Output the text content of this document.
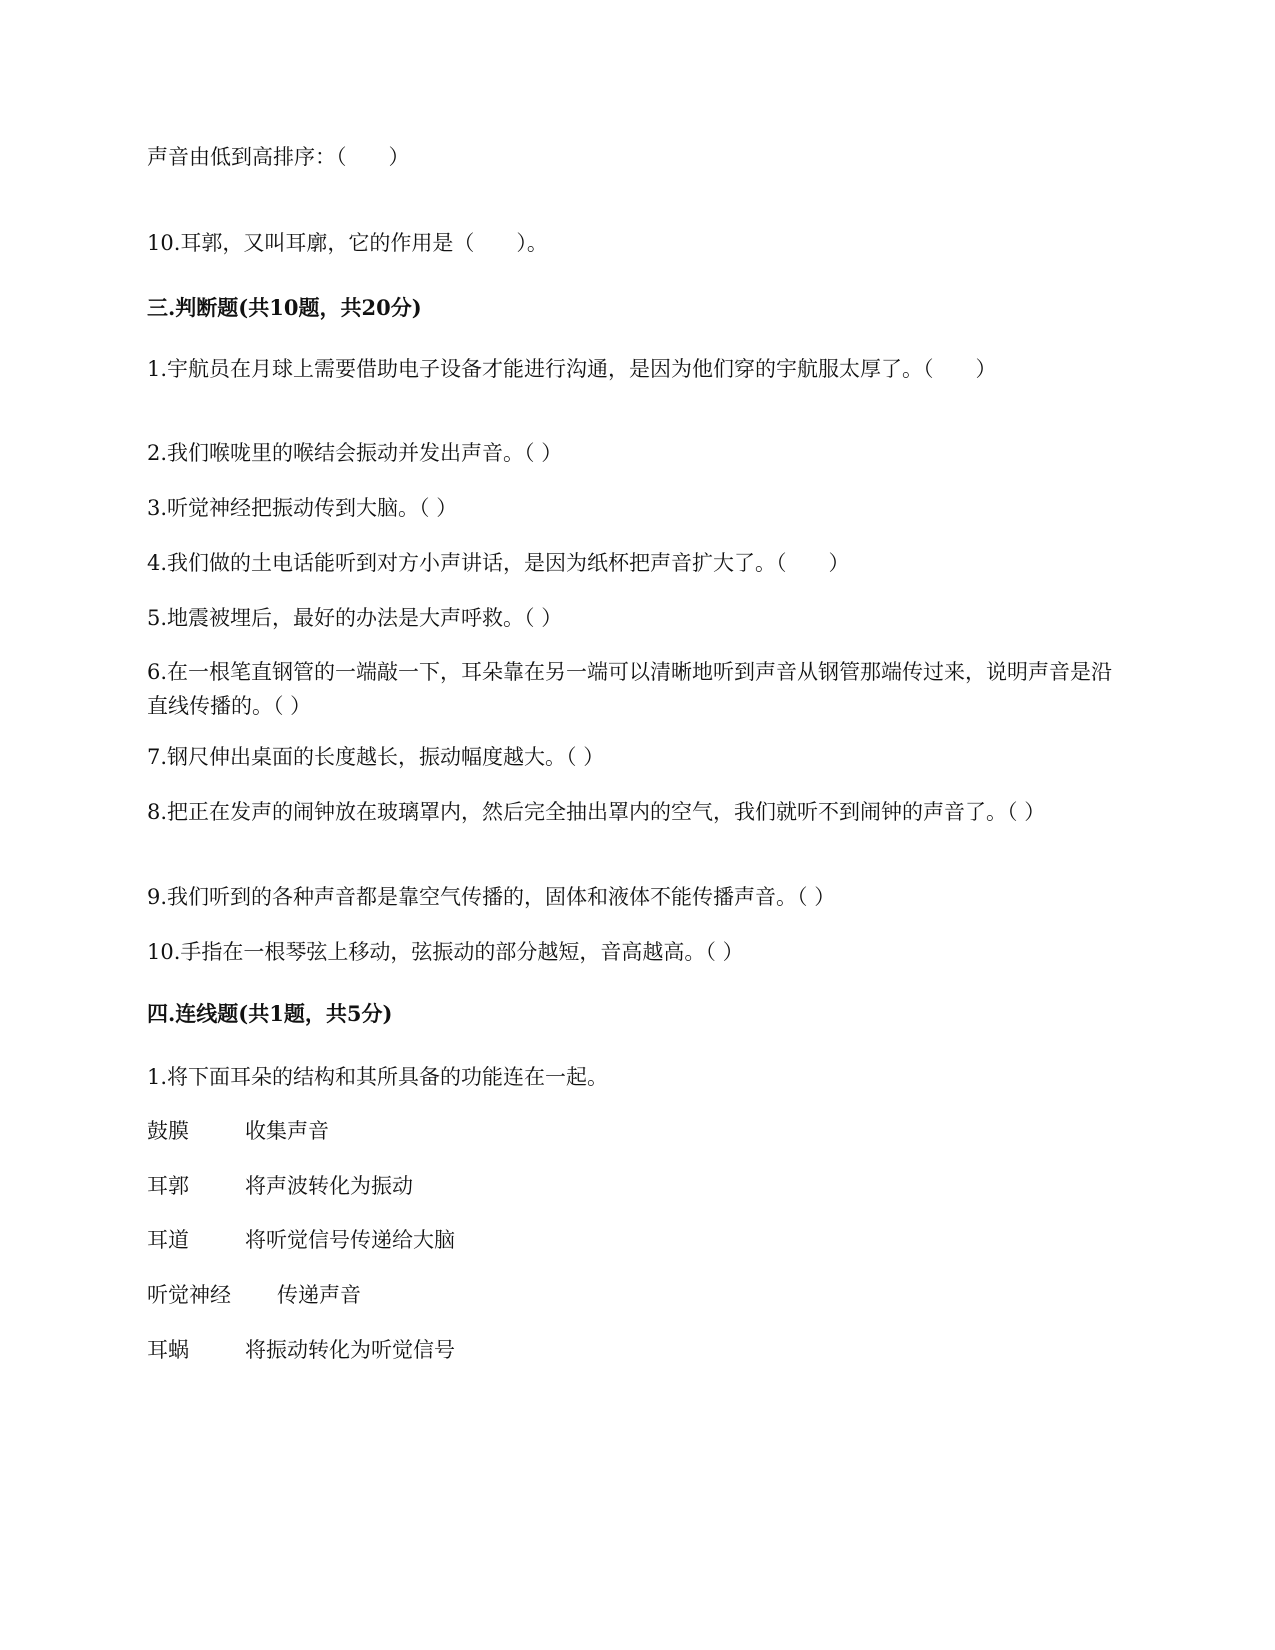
声音由低到高排序：（　　）
10.耳郭，又叫耳廓，它的作用是（　　）。
三.判断题(共10题，共20分)
1.宇航员在月球上需要借助电子设备才能进行沟通，是因为他们穿的宇航服太厚了。（　　）
2.我们喉咙里的喉结会振动并发出声音。（ ）
3.听觉神经把振动传到大脑。（ ）
4.我们做的土电话能听到对方小声讲话，是因为纸杯把声音扩大了。（　　）
5.地震被埋后，最好的办法是大声呼救。（ ）
6.在一根笔直钢管的一端敲一下，耳朵靠在另一端可以清晰地听到声音从钢管那端传过来，说明声音是沿直线传播的。（ ）
7.钢尺伸出桌面的长度越长，振动幅度越大。（ ）
8.把正在发声的闹钟放在玻璃罩内，然后完全抽出罩内的空气，我们就听不到闹钟的声音了。（ ）
9.我们听到的各种声音都是靠空气传播的，固体和液体不能传播声音。（ ）
10.手指在一根琴弦上移动，弦振动的部分越短，音高越高。（ ）
四.连线题(共1题，共5分)
1.将下面耳朵的结构和其所具备的功能连在一起。
鼓膜	收集声音
耳郭	将声波转化为振动
耳道	将听觉信号传递给大脑
听觉神经 传递声音
耳蜗	将振动转化为听觉信号
